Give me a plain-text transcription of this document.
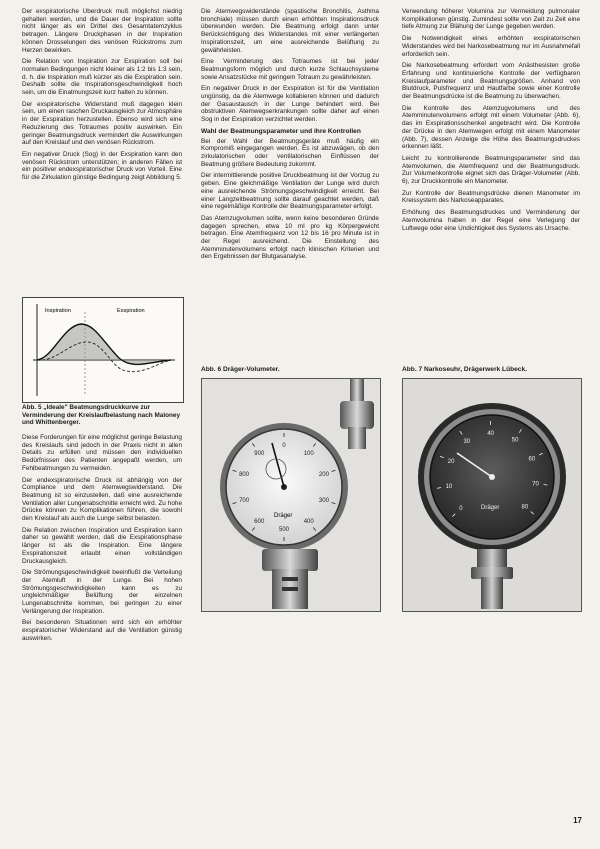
Der exspiratorische Überdruck muß möglichst niedrig gehalten werden, und die Dauer der Inspiration sollte nicht länger als ein Drittel des Gesamtatemzyklus betragen. Längere Druckphasen in der Inspiration können Drosselungen des venösen Rückstroms zum Herzen bewirken.

Die Relation von Inspiration zur Exspiration soll bei normalen Bedingungen nicht kleiner als 1:2 bis 1:3 sein, d. h. die Inspiration muß kürzer als die Exspiration sein. Deshalb sollte die Inspirationsgeschwindigkeit hoch sein, um die Einatmungszeit kurz halten zu können.

Der exspiratorische Widerstand muß dagegen klein sein, um einen raschen Druckausgleich zur Atmosphäre in der Exspiration herzustellen. Ebenso wird sich eine Reduzierung des Totraumes positiv auswirken. Ein geringer Beatmungsdruck vermindert die Auswirkungen auf den Kreislauf und den venösen Rückstrom.

Ein negativer Druck (Sog) in der Exspiration kann den venösen Rückstrom unterstützen; in anderen Fällen ist ein positiver endexspiratorischer Druck von Vorteil. Eine für die Zirkulation günstige Bedingung zeigt Abbildung 5.

Inspiration	Exspiration
Abb. 5 „Ideale" Beatmungsdruckkurve zur Verminderung der Kreislaufbelastung nach Maloney und Whittenberger.

Diese Forderungen für eine möglichst geringe Belastung des Kreislaufs sind jedoch in der Praxis nicht in allen Details zu erfüllen und müssen den individuellen Bedürfnissen des Patienten angepaßt werden, um Fehlbeatmungen zu vermeiden.

Der endexspiratorische Druck ist abhängig von der Compliance und dem Atemwegswiderstand. Die Beatmung ist so einzustellen, daß eine ausreichende Ventilation aller Lungenabschnitte erreicht wird. Zu hohe Drücke können zu Komplikationen führen, die sowohl den Kreislauf als auch die Lunge selbst belasten.

Die Relation zwischen Inspiration und Exspiration kann daher so gewählt werden, daß die Exspirationsphase länger ist als die Inspiration. Eine längere Exspirationszeit erlaubt einen vollständigen Druckausgleich.

Die Strömungsgeschwindigkeit beeinflußt die Verteilung der Atemluft in der Lunge. Bei hohen Strömungsgeschwindigkeiten kann es zu ungleichmäßiger Belüftung der einzelnen Lungenabschnitte kommen, bei geringen zu einer Verlängerung der Inspiration.

Bei besonderen Situationen wird sich ein erhöhter exspiratorischer Widerstand auf die Ventilation günstig auswirken.

Die Atemwegswiderstände (spastische Bronchitis, Asthma bronchiale) müssen durch einen erhöhten Inspirationsdruck überwunden werden. Die Beatmung erfolgt dann unter Berücksichtigung des Widerstandes mit einer verlängerten Inspirationszeit, um eine ausreichende Belüftung zu gewährleisten.

Eine Verminderung des Totraumes ist bei jeder Beatmungsform möglich und durch kurze Schlauchsysteme sowie Ansatzstücke mit geringem Totraum zu gewährleisten.

Ein negativer Druck in der Exspiration ist für die Ventilation ungünstig, da die Atemwege kollabieren können und dadurch der Gasaustausch in der Lunge behindert wird. Bei obstruktiven Atemwegserkrankungen sollte daher auf einen Sog in der Exspiration verzichtet werden.

Wahl der Beatmungsparameter und ihre Kontrollen

Bei der Wahl der Beatmungsgeräte muß häufig ein Kompromiß eingegangen werden. Es ist abzuwägen, ob den zirkulatorischen oder ventilatorischen Einflüssen der Beatmung größere Bedeutung zukommt.

Der intermittierende positive Druckbeatmung ist der Vorzug zu geben. Eine gleichmäßige Ventilation der Lunge wird durch eine ausreichende Strömungsgeschwindigkeit erreicht. Bei einer Langzeitbeatmung sollte darauf geachtet werden, daß eine regelmäßige Kontrolle der Beatmungsparameter erfolgt.

Das Atemzugvolumen sollte, wenn keine besonderen Gründe dagegen sprechen, etwa 10 ml pro kg Körpergewicht betragen. Eine Atemfrequenz von 12 bis 16 pro Minute ist in der Regel ausreichend. Die Einstellung des Atemminutenvolumens erfolgt nach klinischen Kriterien und den Ergebnissen der Blutgasanalyse.

Abb. 6 Dräger-Volumeter.
0
100
200
300
400
500
600
700
800
900
Dräger

Verwendung höherer Volumina zur Vermeidung pulmonaler Komplikationen günstig. Zumindest sollte von Zeit zu Zeit eine tiefe Atmung zur Blähung der Lunge gegeben werden.

Die Notwendigkeit eines erhöhten exspiratorischen Widerstandes wird bei Narkosebeatmung nur im Ausnahmefall erforderlich sein.

Die Narkosebeatmung erfordert vom Anästhesisten große Erfahrung und kontinuierliche Kontrolle der verfügbaren Kreislaufparameter und Beatmungsgrößen. Anhand von Blutdruck, Pulsfrequenz und Hautfarbe sowie einer Kontrolle der Beatmungsdrücke ist die Beatmung zu überwachen.

Die Kontrolle des Atemzugvolumens und des Atemminutenvolumens erfolgt mit einem Volumeter (Abb. 6), das im Exspirationsschenkel angebracht wird. Die Kontrolle der Drücke in den Atemwegen erfolgt mit einem Manometer (Abb. 7), dessen Anzeige die Höhe des Beatmungsdruckes erkennen läßt.

Leicht zu kontrollierende Beatmungsparameter sind das Atemvolumen, die Atemfrequenz und der Beatmungsdruck. Zur Volumenkontrolle eignet sich das Dräger-Volumeter (Abb. 6), zur Druckkontrolle ein Manometer.

Zur Kontrolle der Beatmungsdrücke dienen Manometer im Kreissystem des Narkoseapparates.

Erhöhung des Beatmungsdruckes und Verminderung der Atemvolumina haben in der Regel eine Verlegung der Luftwege oder eine Undichtigkeit des Systems als Ursache.

Abb. 7 Narkoseuhr, Drägerwerk Lübeck.
0
10
20
30
40
50
60
70
80
Dräger
17
